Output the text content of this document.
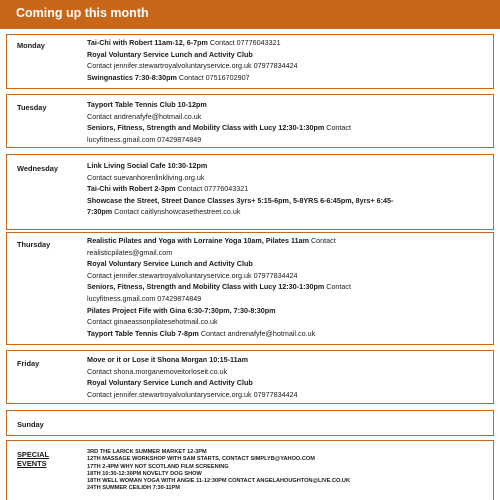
Coming up this month
Monday	Tai-Chi with Robert 11am-12, 6-7pm Contact 07776043321
Royal Voluntary Service Lunch and Activity Club
Contact jennifer.stewartroyalvoluntaryservice.org.uk 07977834424
Swingnastics 7:30-8:30pm Contact 07516702907
Tuesday	Tayport Table Tennis Club 10-12pm
Contact andrenafyfe@hotmail.co.uk
Seniors, Fitness, Strength and Mobility Class with Lucy 12:30-1:30pm Contact
lucyfitness.gmail.com 07429874849
Wednesday	Link Living Social Cafe 10:30-12pm
Contact suevanhorenlinkliving.org.uk
Tai-Chi with Robert 2-3pm Contact 07776043321
Showcase the Street, Street Dance Classes 3yrs+ 5:15-6pm, 5-8YRS 6-6:45pm, 8yrs+ 6:45-
7:30pm Contact caitlynshowcasethestreet.co.uk
Thursday	Realistic Pilates and Yoga with Lorraine Yoga 10am, Pilates 11am Contact
realisticpilates@gmail.com
Royal Voluntary Service Lunch and Activity Club
Contact jennifer.stewartroyalvoluntaryservice.org.uk 07977834424
Seniors, Fitness, Strength and Mobility Class with Lucy 12:30-1:30pm Contact
lucyfitness.gmail.com 07429874849
Pilates Project Fife with Gina 6:30-7:30pm, 7:30-8:30pm
Contact ginaeassonpilatesehotmail.co.uk
Tayport Table Tennis Club 7-8pm Contact andrenafyfe@hotmail.co.uk
Friday	Move or it or Lose it Shona Morgan 10:15-11am
Contact shona.morganemoveitorloseit.co.uk
Royal Voluntary Service Lunch and Activity Club
Contact jennifer.stewartroyalvoluntaryservice.org.uk 07977834424
Sunday
SPECIAL
EVENTS
3RD THE LARICK SUMMER MARKET 12-3PM
12TH MASSAGE WORKSHOP WITH SAM STARTS, CONTACT SIMPLYB@YAHOO.COM
17TH 2-4PM WHY NOT SCOTLAND FILM SCREENING
18TH 10:30-12:30PM NOVELTY DOG SHOW
18TH WELL WOMAN YOGA WITH ANGIE 11-12:30PM CONTACT ANGELAHOUGHTON@LIVE.CO.UK
24TH SUMMER CEILIDH 7:30-11PM
